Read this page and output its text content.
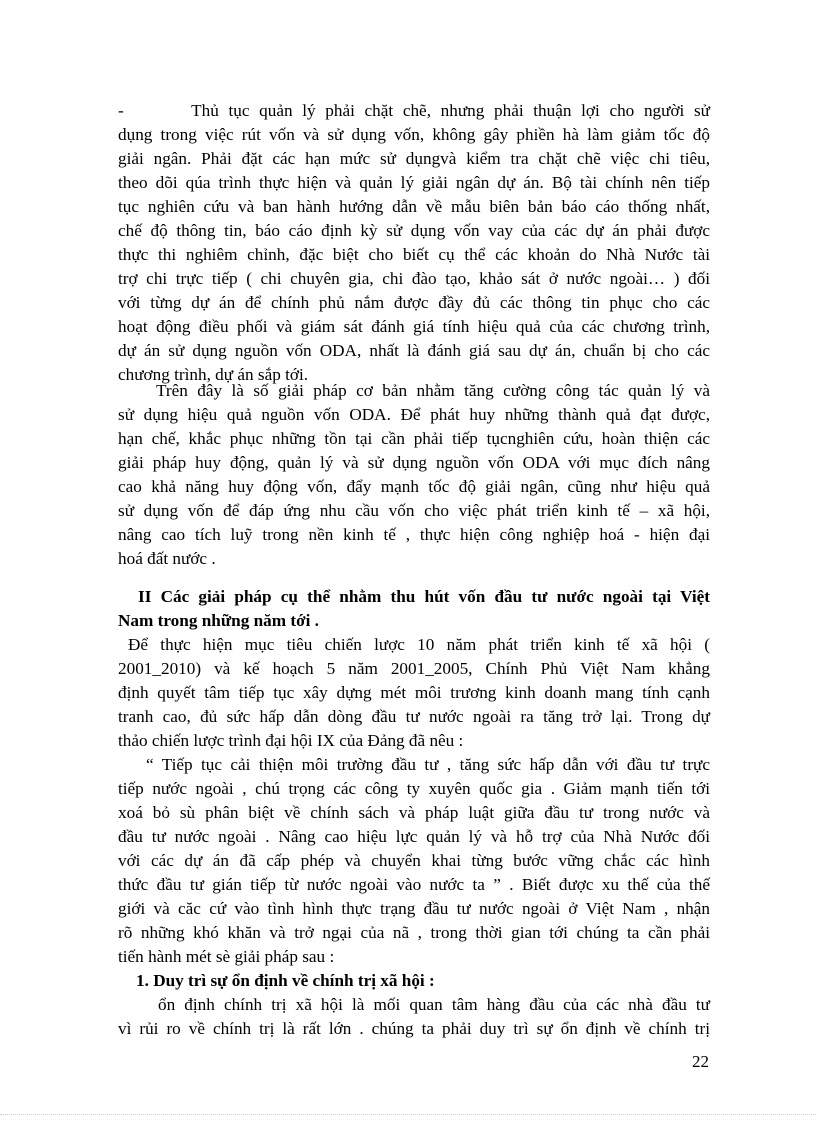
-       Thủ tục quản lý phải chặt chẽ, nhưng phải thuận lợi cho người sử
dụng trong việc rút vốn và sử dụng vốn, không gây phiền hà làm giảm tốc độ
giải ngân. Phải đặt các hạn mức sử dụngvà kiểm tra chặt chẽ việc chi tiêu,
theo dõi qúa trình thực hiện và quản lý giải ngân dự án. Bộ tài chính nên tiếp
tục nghiên cứu và ban hành hướng dẫn về mẫu biên bản báo cáo thống nhất,
chế độ thông tin, báo cáo định kỳ sử dụng vốn vay của các dự án phải được
thực thi nghiêm chỉnh, đặc biệt cho biết cụ thể các khoản do Nhà Nước tài
trợ chi trực tiếp ( chi chuyên gia, chi đào tạo, khảo sát ở nước ngoài… ) đối
với từng dự án để chính phủ nắm được đầy đủ các thông tin phục cho các
hoạt động điều phối và giám sát đánh giá tính hiệu quả của các chương trình,
dự án sử dụng nguồn vốn ODA, nhất là đánh giá sau dự án, chuẩn bị cho các
chương trình, dự án sắp tới.
Trên đây là số giải pháp cơ bản nhằm tăng cường công tác quản lý và
sử dụng hiệu quả nguồn vốn ODA. Để phát huy những thành quả đạt được,
hạn chế, khắc phục những tồn tại cần phải tiếp tụcnghiên cứu, hoàn thiện các
giải pháp huy động, quản lý và sử dụng nguồn vốn ODA với mục đích nâng
cao khả năng huy động vốn, đẩy mạnh tốc độ giải ngân, cũng như hiệu quả
sử dụng vốn để đáp ứng nhu cầu vốn cho việc phát triển kinh tế – xã hội,
nâng cao tích luỹ trong nền kinh tế , thực hiện công nghiệp hoá - hiện đại
hoá đất nước .
II Các giải pháp cụ thể nhằm thu hút vốn đầu tư nước ngoài tại Việt
Nam trong những năm tới .
Để thực hiện mục tiêu chiến lược 10 năm phát triển kinh tế xã hội (
2001_2010) và kế hoạch 5 năm 2001_2005, Chính Phủ Việt Nam khẳng
định quyết tâm tiếp tục xây dựng mét môi trương kinh doanh mang tính cạnh
tranh cao, đủ sức hấp dẫn dòng đầu tư nước ngoài ra tăng trở lại. Trong dự
thảo chiến lược trình đại hội IX của Đảng đã nêu :
“ Tiếp tục cải thiện môi trường đầu tư , tăng sức hấp dẫn với đầu tư trực
tiếp nước ngoài , chú trọng các công ty xuyên quốc gia . Giảm mạnh tiến tới
xoá bỏ sù phân biệt về chính sách và pháp luật giữa đầu tư trong nước và
đầu tư nước ngoài . Nâng cao hiệu lực quản lý và hỗ trợ của Nhà Nước đối
với các dự án đã cấp phép và chuyển khai từng bước vững chắc các hình
thức đầu tư gián tiếp từ nước ngoài vào nước ta ” . Biết được xu thế của thế
giới và căc cứ vào tình hình thực trạng đầu tư nước ngoài ở Việt Nam , nhận
rõ những khó khăn và trở ngại của nã , trong thời gian tới chúng ta cần phải
tiến hành mét sè giải pháp sau :
1. Duy trì sự ổn định về chính trị xã hội :
ổn định chính trị xã hội là mối quan tâm hàng đầu của các nhà đầu tư
vì rủi ro về chính trị là rất lớn . chúng ta phải duy trì sự ổn định về chính trị
22
